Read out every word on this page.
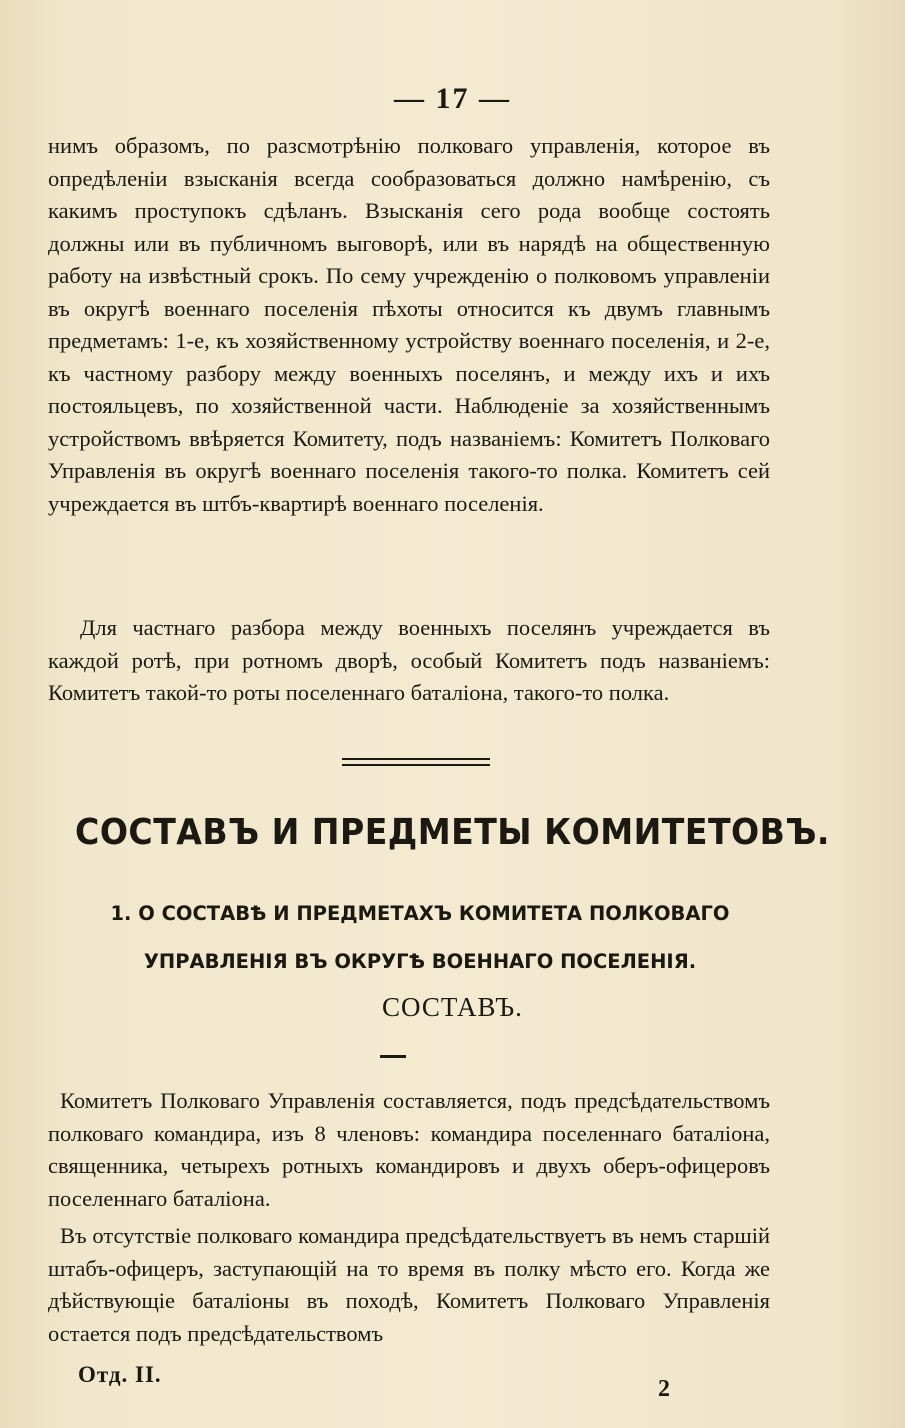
— 17 —

нимъ образомъ, по разсмотрѣнію полковаго управленія, которое въ опредѣленіи взысканія всегда сообразоваться должно намѣренію, съ какимъ проступокъ сдѣланъ. Взысканія сего рода вообще состоять должны или въ публичномъ выговорѣ, или въ нарядѣ на общественную работу на извѣстный срокъ. По сему учрежденію о полковомъ управленіи въ округѣ военнаго поселенія пѣхоты относится къ двумъ главнымъ предметамъ: 1-е, къ хозяйственному устройству военнаго поселенія, и 2-е, къ частному разбору между военныхъ поселянъ, и между ихъ и ихъ постояльцевъ, по хозяйственной части. Наблюденіе за хозяйственнымъ устройствомъ ввѣряется Комитету, подъ названіемъ: Комитетъ Полковаго Управленія въ округѣ военнаго поселенія такого-то полка. Комитетъ сей учреждается въ штбъ-квартирѣ военнаго поселенія.

Для частнаго разбора между военныхъ поселянъ учреждается въ каждой ротѣ, при ротномъ дворѣ, особый Комитетъ подъ названіемъ: Комитетъ такой-то роты поселеннаго баталіона, такого-то полка.

СОСТАВЪ И ПРЕДМЕТЫ КОМИТЕТОВЪ.
1. О СОСТАВѢ И ПРЕДМЕТАХЪ КОМИТЕТА ПОЛКОВАГО УПРАВЛЕНІЯ ВЪ ОКРУГѢ ВОЕННАГО ПОСЕЛЕНІЯ.
СОСТАВЪ.

Комитетъ Полковаго Управленія составляется, подъ предсѣдательствомъ полковаго командира, изъ 8 членовъ: командира поселеннаго баталіона, священника, четырехъ ротныхъ командировъ и двухъ оберъ-офицеровъ поселеннаго баталіона.

Въ отсутствіе полковаго командира предсѣдательствуетъ въ немъ старшій штабъ-офицеръ, заступающій на то время въ полку мѣсто его. Когда же дѣйствующіе баталіоны въ походѣ, Комитетъ Полковаго Управленія остается подъ предсѣдательствомъ

Отд. II.
2
